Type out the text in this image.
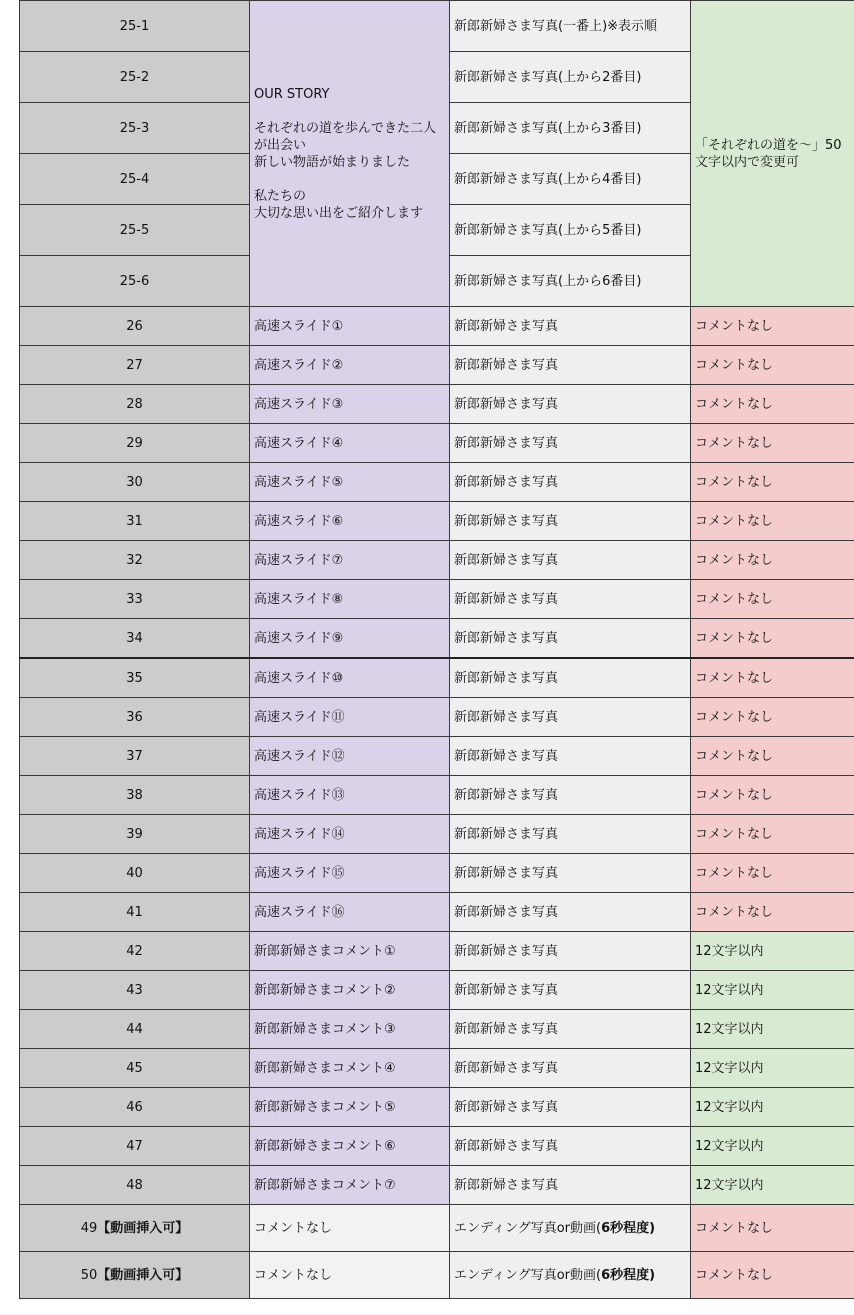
25-1	OUR STORY
それぞれの道を歩んできた二人が出会い
新しい物語が始まりました
私たちの
大切な思い出をご紹介します	新郎新婦さま写真(一番上)※表示順	「それぞれの道を～」50文字以内で変更可
25-2		新郎新婦さま写真(上から2番目)	
25-3		新郎新婦さま写真(上から3番目)	
25-4		新郎新婦さま写真(上から4番目)	
25-5		新郎新婦さま写真(上から5番目)	
25-6		新郎新婦さま写真(上から6番目)	
26	高速スライド①	新郎新婦さま写真	コメントなし
27	高速スライド②	新郎新婦さま写真	コメントなし
28	高速スライド③	新郎新婦さま写真	コメントなし
29	高速スライド④	新郎新婦さま写真	コメントなし
30	高速スライド⑤	新郎新婦さま写真	コメントなし
31	高速スライド⑥	新郎新婦さま写真	コメントなし
32	高速スライド⑦	新郎新婦さま写真	コメントなし
33	高速スライド⑧	新郎新婦さま写真	コメントなし
34	高速スライド⑨	新郎新婦さま写真	コメントなし
35	高速スライド⑩	新郎新婦さま写真	コメントなし
36	高速スライド⑪	新郎新婦さま写真	コメントなし
37	高速スライド⑫	新郎新婦さま写真	コメントなし
38	高速スライド⑬	新郎新婦さま写真	コメントなし
39	高速スライド⑭	新郎新婦さま写真	コメントなし
40	高速スライド⑮	新郎新婦さま写真	コメントなし
41	高速スライド⑯	新郎新婦さま写真	コメントなし
42	新郎新婦さまコメント①	新郎新婦さま写真	12文字以内
43	新郎新婦さまコメント②	新郎新婦さま写真	12文字以内
44	新郎新婦さまコメント③	新郎新婦さま写真	12文字以内
45	新郎新婦さまコメント④	新郎新婦さま写真	12文字以内
46	新郎新婦さまコメント⑤	新郎新婦さま写真	12文字以内
47	新郎新婦さまコメント⑥	新郎新婦さま写真	12文字以内
48	新郎新婦さまコメント⑦	新郎新婦さま写真	12文字以内
49【動画挿入可】	コメントなし	エンディング写真or動画(6秒程度)	コメントなし
50【動画挿入可】	コメントなし	エンディング写真or動画(6秒程度)	コメントなし
